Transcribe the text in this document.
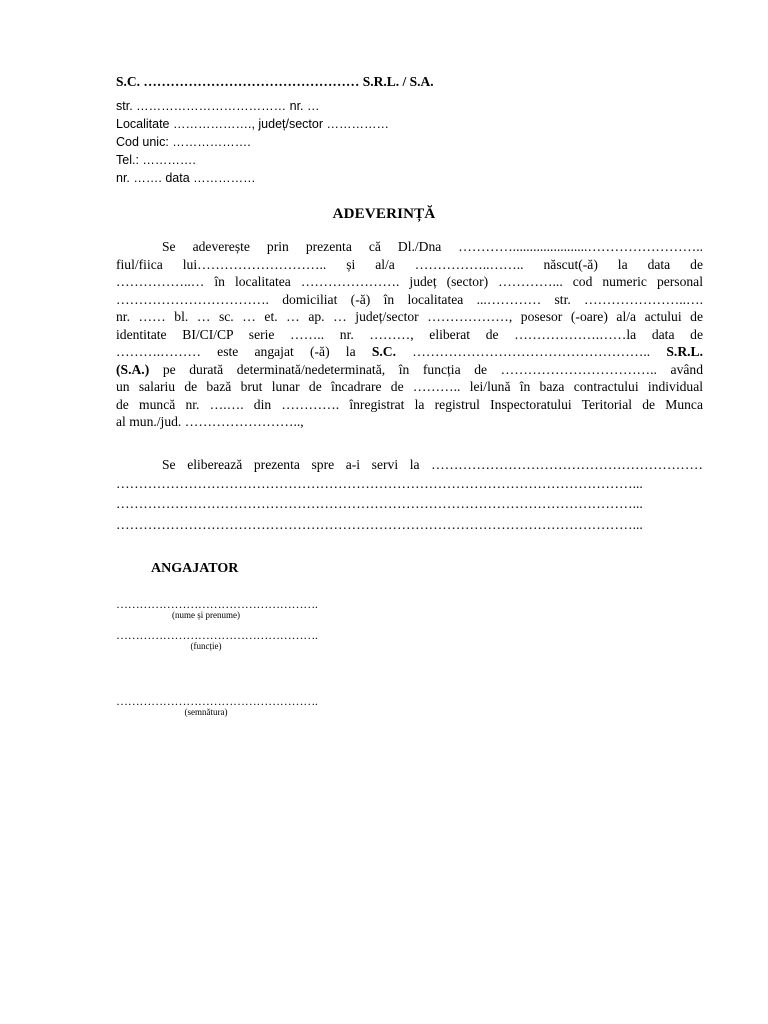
S.C. ………………………………………… S.R.L. / S.A.
str. ……………………………… nr. …
Localitate ………………., județ/sector ……………
Cod unic: ……………….
Tel.: ………….
nr. ……. data ……………
ADEVERINȚĂ
Se adeverește prin prezenta că Dl./Dna …………......................……………………..
fiul/fiica lui……………………….. și al/a ……………..…….. născut(-ă) la data de
……………..… în localitatea …………………. județ (sector) …………... cod numeric personal
……………………………. domiciliat (-ă) în localitatea ...………… str. …………………..….
nr. …… bl. … sc. … et. … ap. … județ/sector ………………, posesor (-oare) al/a actului de
identitate BI/CI/CP serie …….. nr. ………, eliberat de ……………….……la data de
……….……… este angajat (-ă) la S.C. …………………………………………….. S.R.L.
(S.A.) pe durată determinată/nedeterminată, în funcția de …………………………….. având
un salariu de bază brut lunar de încadrare de ……….. lei/lună în baza contractului individual
de muncă nr. ….…. din …………. înregistrat la registrul Inspectoratului Teritorial de Munca
al mun./jud. ……………………..,
Se eliberează prezenta spre a-i servi la ……………………………………………………
……………………………………………………………………………………………………...
……………………………………………………………………………………………………...
……………………………………………………………………………………………………...
ANGAJATOR
…………………………………………….
(nume și prenume)
…………………………………………….
(funcție)
…………………………………………….
(semnătura)
